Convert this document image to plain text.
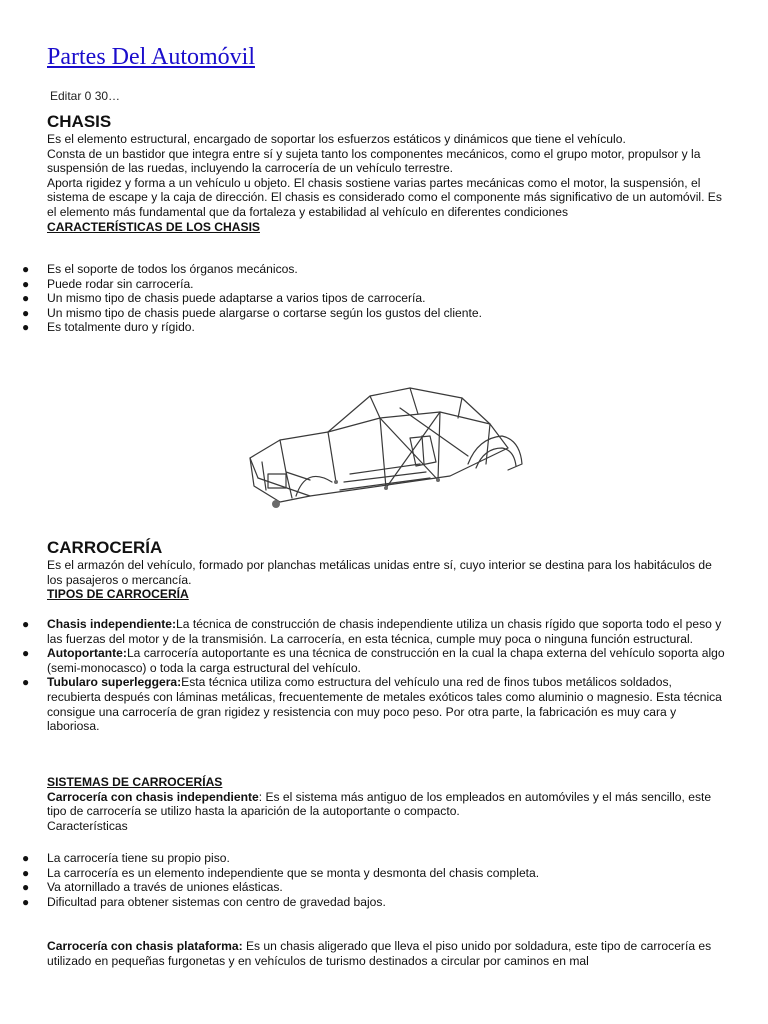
Partes Del Automóvil
Editar 0 30…
CHASIS

Es el elemento estructural, encargado de soportar los esfuerzos estáticos y dinámicos que tiene el vehículo.

Consta de un bastidor que integra entre sí y sujeta tanto los componentes mecánicos, como el grupo motor, propulsor y la suspensión de las ruedas, incluyendo la carrocería de un vehículo terrestre.

Aporta rigidez y forma a un vehículo u objeto. El chasis sostiene varias partes mecánicas como el motor, la suspensión, el sistema de escape y la caja de dirección. El chasis es considerado como el componente más significativo de un automóvil. Es el elemento más fundamental que da fortaleza y estabilidad al vehículo en diferentes condiciones

CARACTERÍSTICAS DE LOS CHASIS
● Es el soporte de todos los órganos mecánicos.
● Puede rodar sin carrocería.
● Un mismo tipo de chasis puede adaptarse a varios tipos de carrocería.
● Un mismo tipo de chasis puede alargarse o cortarse según los gustos del cliente.
● Es totalmente duro y rígido.
CARROCERÍA

Es el armazón del vehículo, formado por planchas metálicas unidas entre sí, cuyo interior se destina para los habitáculos de los pasajeros o mercancía.

TIPOS DE CARROCERÍA
● Chasis independiente:La técnica de construcción de chasis independiente utiliza un chasis rígido que soporta todo el peso y las fuerzas del motor y de la transmisión. La carrocería, en esta técnica, cumple muy poca o ninguna función estructural.
● Autoportante:La carrocería autoportante es una técnica de construcción en la cual la chapa externa del vehículo soporta algo (semi-monocasco) o toda la carga estructural del vehículo.
● Tubularo superleggera:Esta técnica utiliza como estructura del vehículo una red de finos tubos metálicos soldados, recubierta después con láminas metálicas, frecuentemente de metales exóticos tales como aluminio o magnesio. Esta técnica consigue una carrocería de gran rigidez y resistencia con muy poco peso. Por otra parte, la fabricación es muy cara y laboriosa.
SISTEMAS DE CARROCERÍAS

Carrocería con chasis independiente: Es el sistema más antiguo de los empleados en automóviles y el más sencillo, este tipo de carrocería se utilizo hasta la aparición de la autoportante o compacto.

Características

● La carrocería tiene su propio piso.
● La carrocería es un elemento independiente que se monta y desmonta del chasis completa.
● Va atornillado a través de uniones elásticas.
● Dificultad para obtener sistemas con centro de gravedad bajos.

Carrocería con chasis plataforma: Es un chasis aligerado que lleva el piso unido por soldadura, este tipo de carrocería es utilizado en pequeñas furgonetas y en vehículos de turismo destinados a circular por caminos en mal
